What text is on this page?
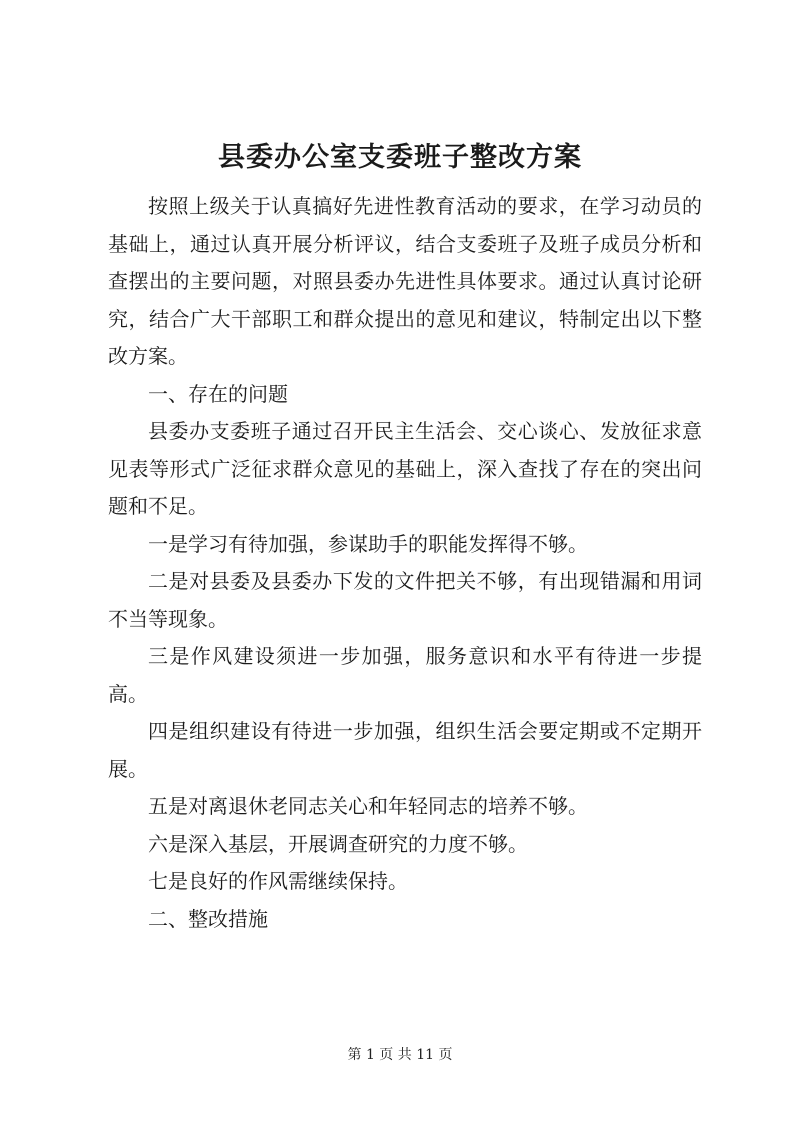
县委办公室支委班子整改方案

按照上级关于认真搞好先进性教育活动的要求，在学习动员的基础上，通过认真开展分析评议，结合支委班子及班子成员分析和查摆出的主要问题，对照县委办先进性具体要求。通过认真讨论研究，结合广大干部职工和群众提出的意见和建议，特制定出以下整改方案。

一、存在的问题

县委办支委班子通过召开民主生活会、交心谈心、发放征求意见表等形式广泛征求群众意见的基础上，深入查找了存在的突出问题和不足。

一是学习有待加强，参谋助手的职能发挥得不够。

二是对县委及县委办下发的文件把关不够，有出现错漏和用词不当等现象。

三是作风建设须进一步加强，服务意识和水平有待进一步提高。

四是组织建设有待进一步加强，组织生活会要定期或不定期开展。

五是对离退休老同志关心和年轻同志的培养不够。

六是深入基层，开展调查研究的力度不够。

七是良好的作风需继续保持。

二、整改措施

第 1 页 共 11 页
